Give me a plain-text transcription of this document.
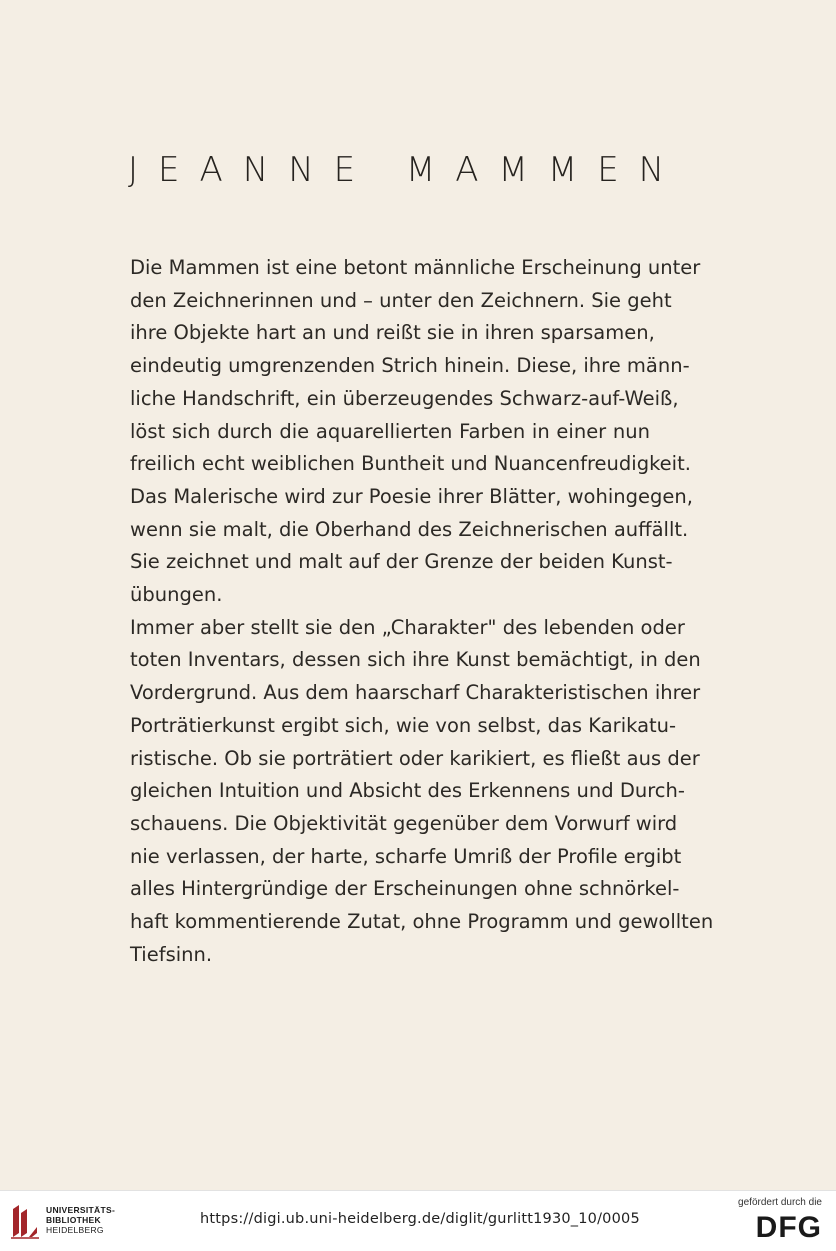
JEANNE MAMMEN

Die Mammen ist eine betont männliche Erscheinung unter
den Zeichnerinnen und – unter den Zeichnern. Sie geht
ihre Objekte hart an und reißt sie in ihren sparsamen,
eindeutig umgrenzenden Strich hinein. Diese, ihre männ-
liche Handschrift, ein überzeugendes Schwarz-auf-Weiß,
löst sich durch die aquarellierten Farben in einer nun
freilich echt weiblichen Buntheit und Nuancenfreudigkeit.
Das Malerische wird zur Poesie ihrer Blätter, wohingegen,
wenn sie malt, die Oberhand des Zeichnerischen auffällt.
Sie zeichnet und malt auf der Grenze der beiden Kunst-
übungen.

Immer aber stellt sie den „Charakter" des lebenden oder
toten Inventars, dessen sich ihre Kunst bemächtigt, in den
Vordergrund. Aus dem haarscharf Charakteristischen ihrer
Porträtierkunst ergibt sich, wie von selbst, das Karikatu-
ristische. Ob sie porträtiert oder karikiert, es fließt aus der
gleichen Intuition und Absicht des Erkennens und Durch-
schauens. Die Objektivität gegenüber dem Vorwurf wird
nie verlassen, der harte, scharfe Umriß der Profile ergibt
alles Hintergründige der Erscheinungen ohne schnörkel-
haft kommentierende Zutat, ohne Programm und gewollten
Tiefsinn.

UNIVERSITÄTS-
BIBLIOTHEK
HEIDELBERG
https://digi.ub.uni-heidelberg.de/diglit/gurlitt1930_10/0005
gefördert durch die
DFG
